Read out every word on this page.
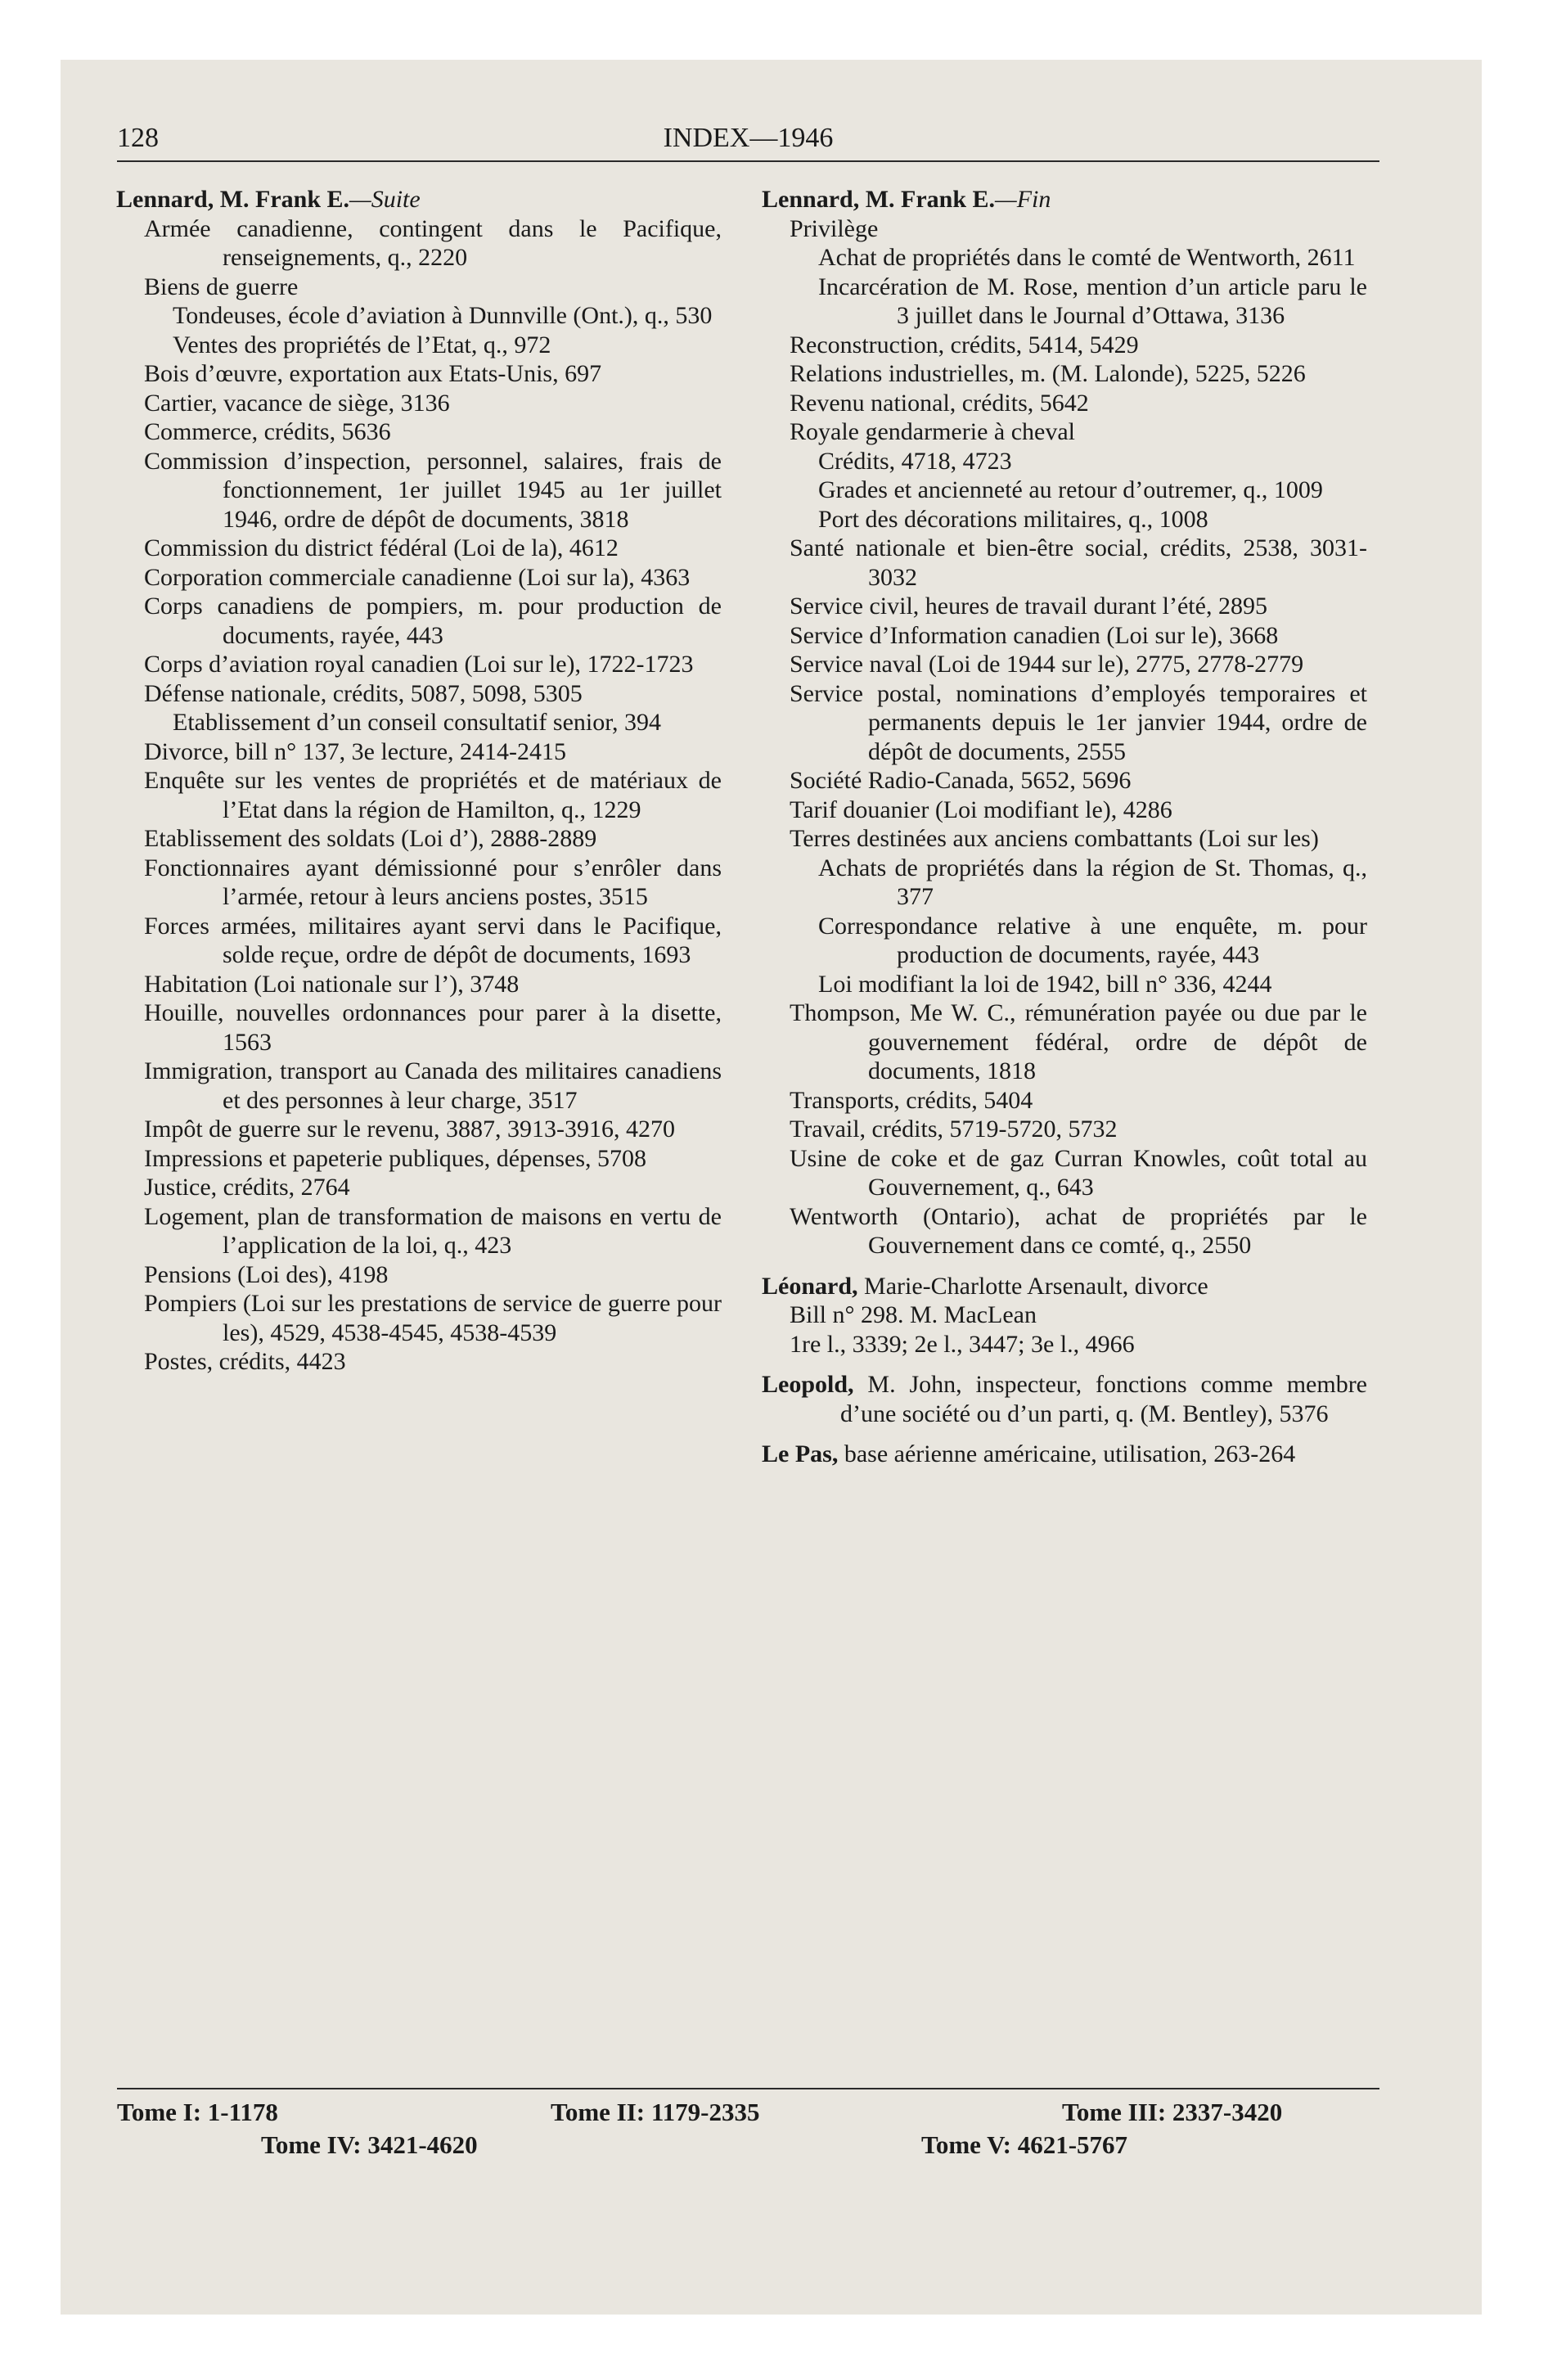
128	INDEX—1946
Lennard, M. Frank E.—Suite
Armée canadienne, contingent dans le Pacifique, renseignements, q., 2220
Biens de guerre
Tondeuses, école d’aviation à Dunnville (Ont.), q., 530
Ventes des propriétés de l’Etat, q., 972
Bois d’œuvre, exportation aux Etats-Unis, 697
Cartier, vacance de siège, 3136
Commerce, crédits, 5636
Commission d’inspection, personnel, salaires, frais de fonctionnement, 1er juillet 1945 au 1er juillet 1946, ordre de dépôt de documents, 3818
Commission du district fédéral (Loi de la), 4612
Corporation commerciale canadienne (Loi sur la), 4363
Corps canadiens de pompiers, m. pour production de documents, rayée, 443
Corps d’aviation royal canadien (Loi sur le), 1722-1723
Défense nationale, crédits, 5087, 5098, 5305
Etablissement d’un conseil consultatif senior, 394
Divorce, bill n° 137, 3e lecture, 2414-2415
Enquête sur les ventes de propriétés et de matériaux de l’Etat dans la région de Hamilton, q., 1229
Etablissement des soldats (Loi d’), 2888-2889
Fonctionnaires ayant démissionné pour s’enrôler dans l’armée, retour à leurs anciens postes, 3515
Forces armées, militaires ayant servi dans le Pacifique, solde reçue, ordre de dépôt de documents, 1693
Habitation (Loi nationale sur l’), 3748
Houille, nouvelles ordonnances pour parer à la disette, 1563
Immigration, transport au Canada des militaires canadiens et des personnes à leur charge, 3517
Impôt de guerre sur le revenu, 3887, 3913-3916, 4270
Impressions et papeterie publiques, dépenses, 5708
Justice, crédits, 2764
Logement, plan de transformation de maisons en vertu de l’application de la loi, q., 423
Pensions (Loi des), 4198
Pompiers (Loi sur les prestations de service de guerre pour les), 4529, 4538-4545, 4538-4539
Postes, crédits, 4423
Lennard, M. Frank E.—Fin
Privilège
Achat de propriétés dans le comté de Wentworth, 2611
Incarcération de M. Rose, mention d’un article paru le 3 juillet dans le Journal d’Ottawa, 3136
Reconstruction, crédits, 5414, 5429
Relations industrielles, m. (M. Lalonde), 5225, 5226
Revenu national, crédits, 5642
Royale gendarmerie à cheval
Crédits, 4718, 4723
Grades et ancienneté au retour d’outremer, q., 1009
Port des décorations militaires, q., 1008
Santé nationale et bien-être social, crédits, 2538, 3031-3032
Service civil, heures de travail durant l’été, 2895
Service d’Information canadien (Loi sur le), 3668
Service naval (Loi de 1944 sur le), 2775, 2778-2779
Service postal, nominations d’employés temporaires et permanents depuis le 1er janvier 1944, ordre de dépôt de documents, 2555
Société Radio-Canada, 5652, 5696
Tarif douanier (Loi modifiant le), 4286
Terres destinées aux anciens combattants (Loi sur les)
Achats de propriétés dans la région de St. Thomas, q., 377
Correspondance relative à une enquête, m. pour production de documents, rayée, 443
Loi modifiant la loi de 1942, bill n° 336, 4244
Thompson, Me W. C., rémunération payée ou due par le gouvernement fédéral, ordre de dépôt de documents, 1818
Transports, crédits, 5404
Travail, crédits, 5719-5720, 5732
Usine de coke et de gaz Curran Knowles, coût total au Gouvernement, q., 643
Wentworth (Ontario), achat de propriétés par le Gouvernement dans ce comté, q., 2550
Léonard, Marie-Charlotte Arsenault, divorce
Bill n° 298. M. MacLean
1re l., 3339; 2e l., 3447; 3e l., 4966
Leopold, M. John, inspecteur, fonctions comme membre d’une société ou d’un parti, q. (M. Bentley), 5376
Le Pas, base aérienne américaine, utilisation, 263-264
Tome I: 1-1178	Tome II: 1179-2335	Tome III: 2337-3420
Tome IV: 3421-4620	Tome V: 4621-5767
